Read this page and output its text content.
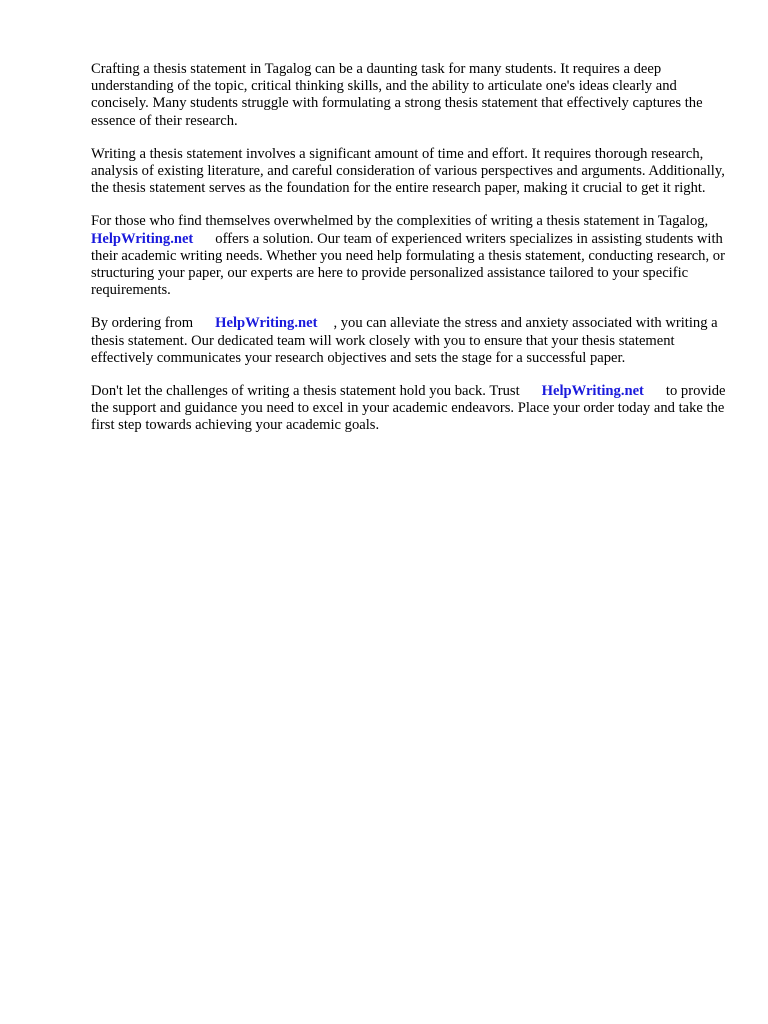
Crafting a thesis statement in Tagalog can be a daunting task for many students. It requires a deep understanding of the topic, critical thinking skills, and the ability to articulate one's ideas clearly and concisely. Many students struggle with formulating a strong thesis statement that effectively captures the essence of their research.

Writing a thesis statement involves a significant amount of time and effort. It requires thorough research, analysis of existing literature, and careful consideration of various perspectives and arguments. Additionally, the thesis statement serves as the foundation for the entire research paper, making it crucial to get it right.

For those who find themselves overwhelmed by the complexities of writing a thesis statement in Tagalog,HelpWriting.net offers a solution. Our team of experienced writers specializes in assisting students with their academic writing needs. Whether you need help formulating a thesis statement, conducting research, or structuring your paper, our experts are here to provide personalized assistance tailored to your specific requirements.

By ordering from HelpWriting.net , you can alleviate the stress and anxiety associated with writing a thesis statement. Our dedicated team will work closely with you to ensure that your thesis statement effectively communicates your research objectives and sets the stage for a successful paper.

Don't let the challenges of writing a thesis statement hold you back. Trust HelpWriting.net to provide the support and guidance you need to excel in your academic endeavors. Place your order today and take the first step towards achieving your academic goals.
